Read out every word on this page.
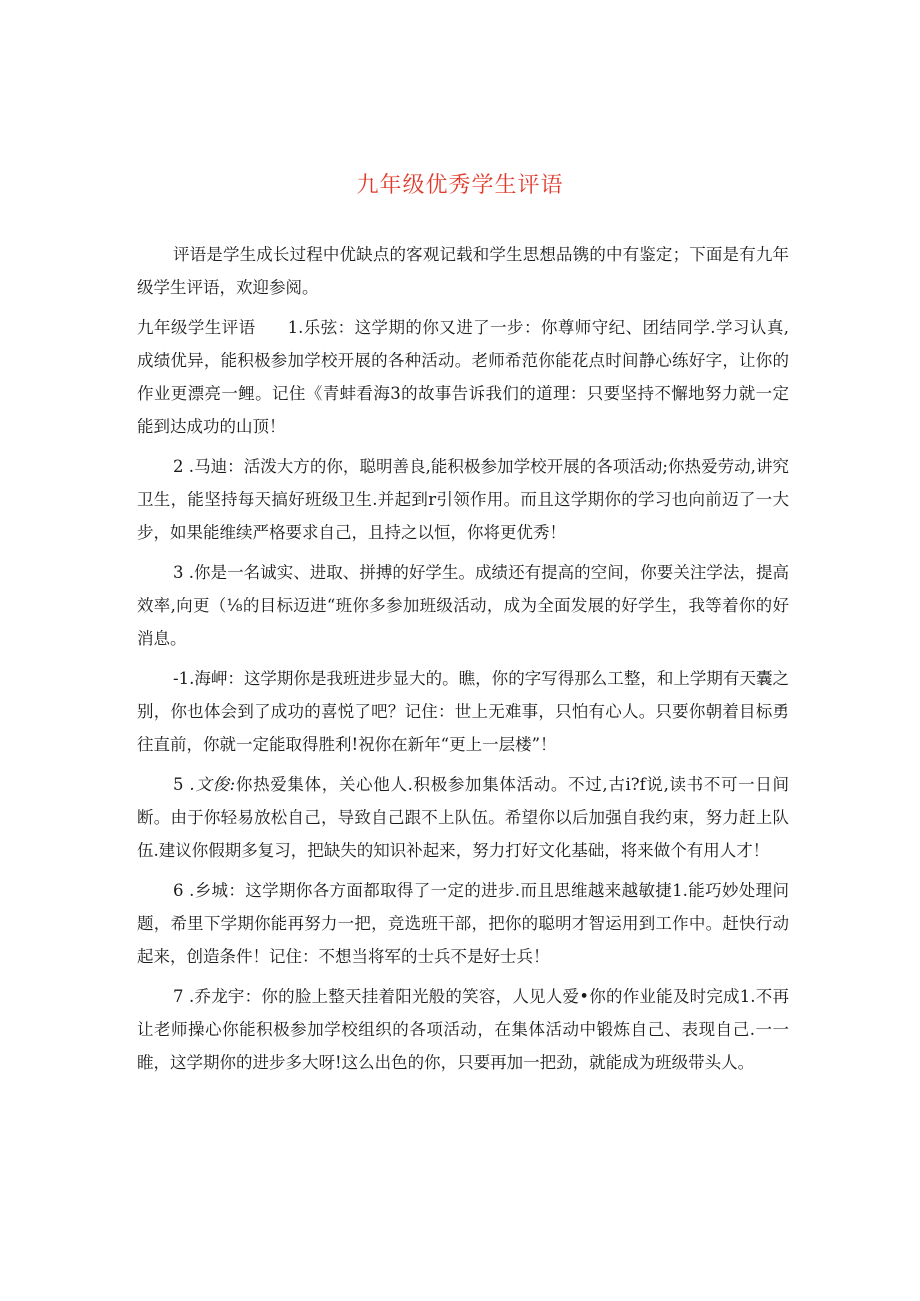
九年级优秀学生评语

评语是学生成长过程中优缺点的客观记载和学生思想品镌的中有鉴定；下面是有九年级学生评语，欢迎参阅。

九年级学生评语 1.乐弦：这学期的你又进了一步：你尊师守纪、团结同学.学习认真,成绩优异，能积极参加学校开展的各种活动。老师希范你能花点时间静心练好字，让你的作业更漂亮一鲤。记住《青蚌看海3的故事告诉我们的道理：只要坚持不懈地努力就一定能到达成功的山顶！

2 .马迪：活泼大方的你，聪明善良,能积极参加学校开展的各项活动;你热爱劳动,讲究卫生，能坚持每天搞好班级卫生.并起到r引领作用。而且这学期你的学习也向前迈了一大步，如果能维续严格要求自己，且持之以恒，你将更优秀！

3 .你是一名诚实、进取、拼搏的好学生。成绩还有提高的空间，你要关注学法，提高效率,向更（⅛的目标迈进“班你多参加班级活动，成为全面发展的好学生，我等着你的好消息。

-1.海岬：这学期你是我班进步显大的。瞧，你的字写得那么工整，和上学期有天囊之别，你也体会到了成功的喜悦了吧？记住：世上无难事，只怕有心人。只要你朝着目标勇往直前，你就一定能取得胜利!祝你在新年“更上一层楼”！

5 .文俊:你热爱集体，关心他人.积极参加集体活动。不过,古i?f说,读书不可一日间断。由于你轻易放松自己，导致自己跟不上队伍。希望你以后加强自我约束，努力赶上队伍.建议你假期多复习，把缺失的知识补起来，努力打好文化基础，将来做个有用人才！

6 .乡城：这学期你各方面都取得了一定的进步.而且思维越来越敏捷1.能巧妙处理问题，希里下学期你能再努力一把，竞选班干部，把你的聪明才智运用到工作中。赶快行动起来，创造条件！记住：不想当将军的士兵不是好士兵！

7 .乔龙宇：你的脸上整天挂着阳光般的笑容，人见人爱•你的作业能及时完成1.不再让老师操心你能积极参加学校组织的各项活动，在集体活动中锻炼自己、表现自己.一一睢，这学期你的进步多大呀!这么出色的你，只要再加一把劲，就能成为班级带头人。
